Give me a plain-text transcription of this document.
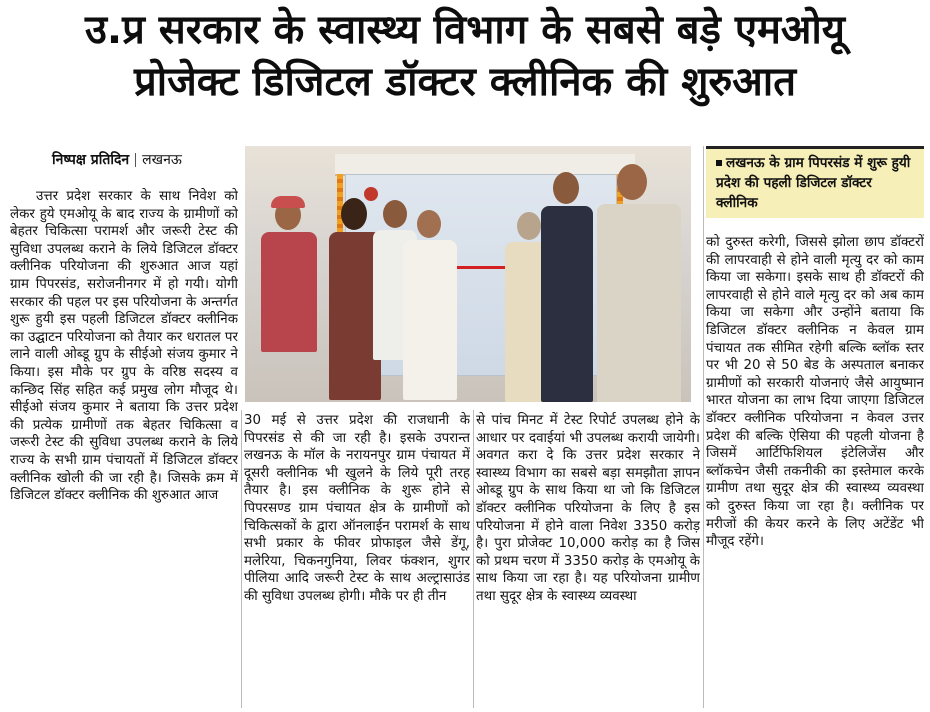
उ.प्र सरकार के स्वास्थ्य विभाग के सबसे बड़े एमओयू
प्रोजेक्ट डिजिटल डॉक्टर क्लीनिक की शुरुआत
निष्पक्ष प्रतिदिन लखनऊ	लखनऊ के ग्राम पिपरसंड में शुरू हुयी प्रदेश की पहली डिजिटल डॉक्टर क्लीनिक
उत्तर प्रदेश सरकार के साथ निवेश को लेकर हुये एमओयू के बाद राज्य के ग्रामीणों को बेहतर चिकित्सा परामर्श और जरूरी टेस्ट की सुविधा उपलब्ध कराने के लिये डिजिटल डॉक्टर क्लीनिक परियोजना की शुरुआत आज यहां ग्राम पिपरसंड, सरोजनीनगर में हो गयी। योगी सरकार की पहल पर इस परियोजना के अन्तर्गत शुरू हुयी इस पहली डिजिटल डॉक्टर क्लीनिक का उद्घाटन परियोजना को तैयार कर धरातल पर लाने वाली ओब्डू ग्रुप के सीईओ संजय कुमार ने किया। इस मौके पर ग्रुप के वरिष्ठ सदस्य व कन्छिद सिंह सहित कई प्रमुख लोग मौजूद थे। सीईओ संजय कुमार ने बताया कि उत्तर प्रदेश की प्रत्येक ग्रामीणों तक बेहतर चिकित्सा व जरूरी टेस्ट की सुविधा उपलब्ध कराने के लिये राज्य के सभी ग्राम पंचायतों में डिजिटल डॉक्टर क्लीनिक खोली की जा रही है। जिसके क्रम में डिजिटल डॉक्टर क्लीनिक की शुरुआत आज
30 मई से उत्तर प्रदेश की राजधानी के पिपरसंड से की जा रही है। इसके उपरान्त लखनऊ के मॉल के नरायनपुर ग्राम पंचायत में दूसरी क्लीनिक भी खुलने के लिये पूरी तरह तैयार है। इस क्लीनिक के शुरू होने से पिपरसण्ड ग्राम पंचायत क्षेत्र के ग्रामीणों को चिकित्सकों के द्वारा ऑनलाईन परामर्श के साथ सभी प्रकार के फीवर प्रोफाइल जैसे डेंगू, मलेरिया, चिकनगुनिया, लिवर फंक्शन, शुगर पीलिया आदि जरूरी टेस्ट के साथ अल्ट्रासाउंड की सुविधा उपलब्ध होगी। मौके पर ही तीन
से पांच मिनट में टेस्ट रिपोर्ट उपलब्ध होने के आधार पर दवाईयां भी उपलब्ध करायी जायेगी। अवगत करा दे कि उत्तर प्रदेश सरकार ने स्वास्थ्य विभाग का सबसे बड़ा समझौता ज्ञापन ओब्डू ग्रुप के साथ किया था जो कि डिजिटल डॉक्टर क्लीनिक परियोजना के लिए है इस परियोजना में होने वाला निवेश 3350 करोड़ है। पुरा प्रोजेक्ट 10,000 करोड़ का है जिस को प्रथम चरण में 3350 करोड़ के एमओयू के साथ किया जा रहा है। यह परियोजना ग्रामीण तथा सुदूर क्षेत्र के स्वास्थ्य व्यवस्था
को दुरुस्त करेगी, जिससे झोला छाप डॉक्टरों की लापरवाही से होने वाली मृत्यु दर को काम किया जा सकेगा। इसके साथ ही डॉक्टरों की लापरवाही से होने वाले मृत्यु दर को अब काम किया जा सकेगा और उन्होंने बताया कि डिजिटल डॉक्टर क्लीनिक न केवल ग्राम पंचायत तक सीमित रहेगी बल्कि ब्लॉक स्तर पर भी 20 से 50 बेड के अस्पताल बनाकर ग्रामीणों को सरकारी योजनाएं जैसे आयुष्मान भारत योजना का लाभ दिया जाएगा डिजिटल डॉक्टर क्लीनिक परियोजना न केवल उत्तर प्रदेश की बल्कि ऐसिया की पहली योजना है जिसमें आर्टिफिशियल इंटेलिजेंस और ब्लॉकचेन जैसी तकनीकी का इस्तेमाल करके ग्रामीण तथा सुदूर क्षेत्र की स्वास्थ्य व्यवस्था को दुरुस्त किया जा रहा है। क्लीनिक पर मरीजों की केयर करने के लिए अटेंडेंट भी मौजूद रहेंगे।
